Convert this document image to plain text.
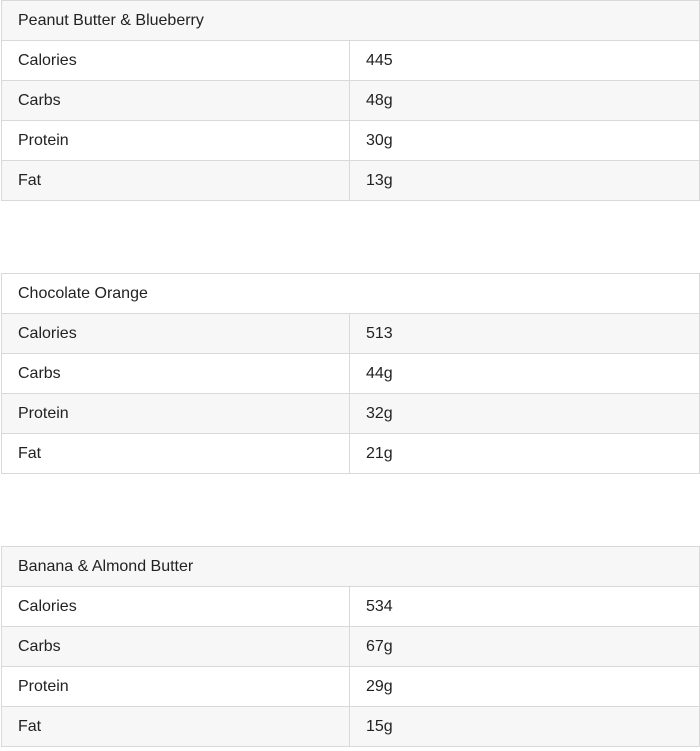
Peanut Butter & Blueberry	
Calories	445
Carbs	48g
Protein	30g
Fat	13g
Chocolate Orange	
Calories	513
Carbs	44g
Protein	32g
Fat	21g
Banana & Almond Butter	
Calories	534
Carbs	67g
Protein	29g
Fat	15g
